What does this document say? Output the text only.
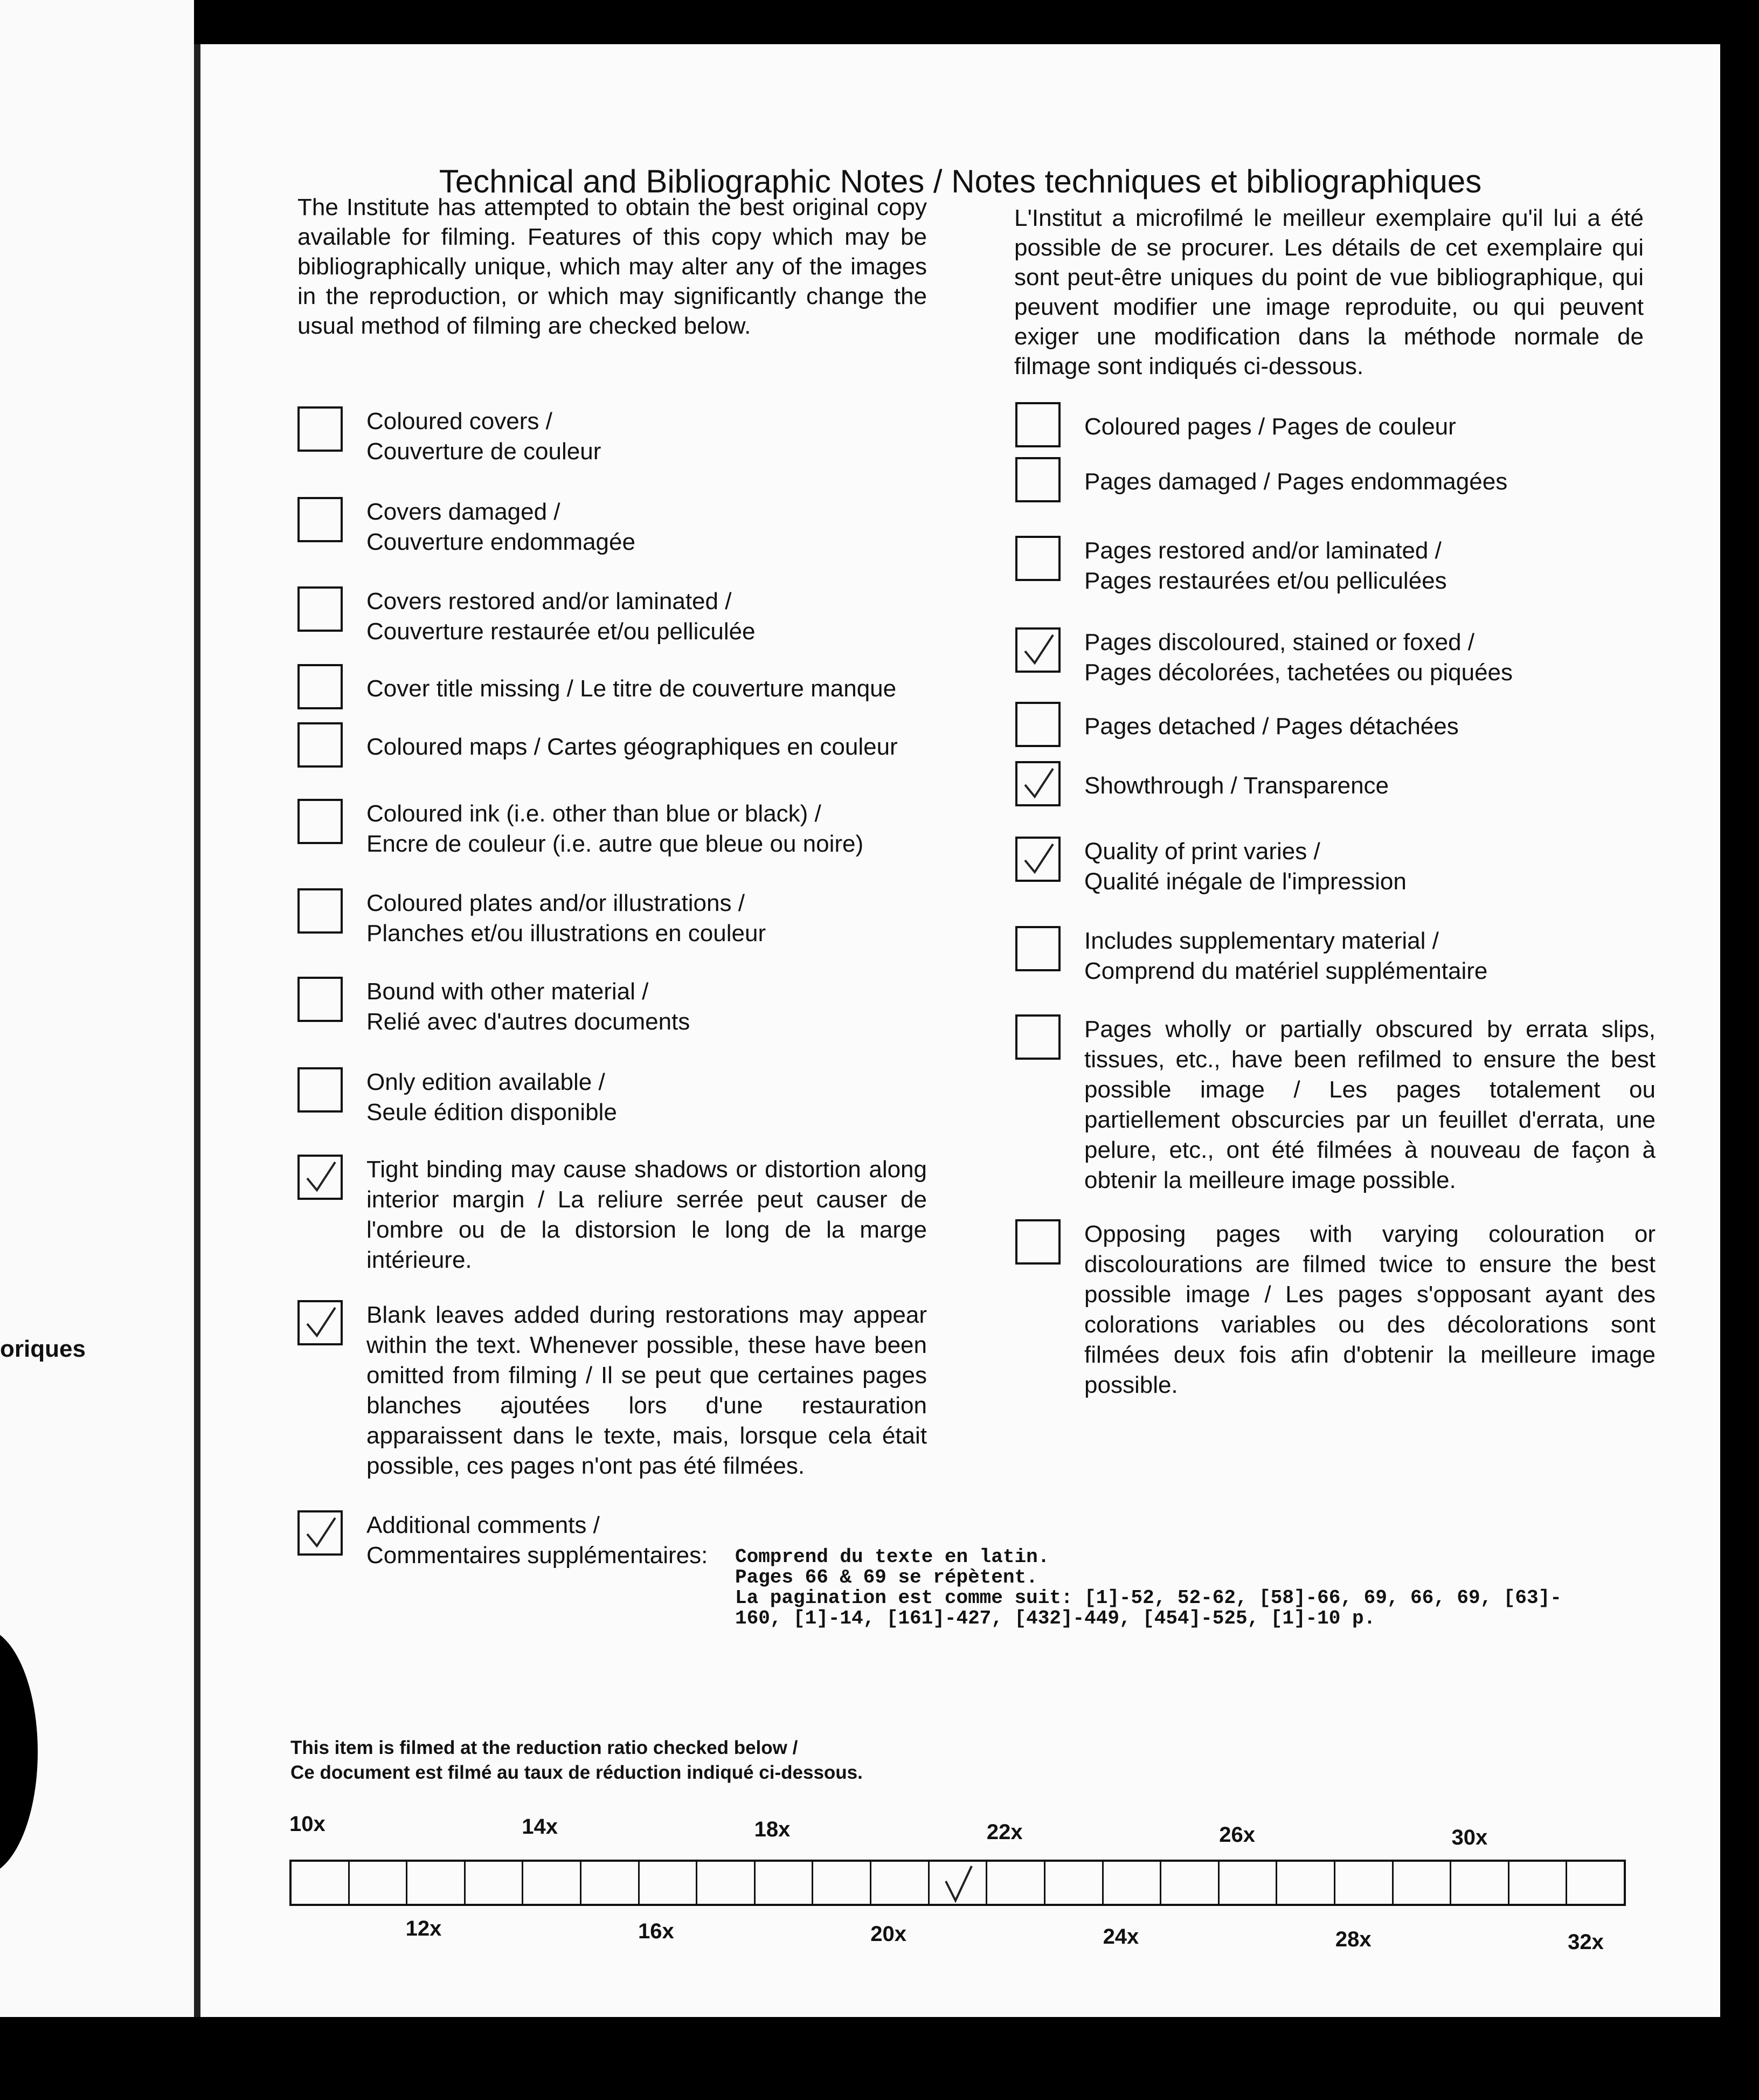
oriques
Technical and Bibliographic Notes / Notes techniques et bibliographiques
The Institute has attempted to obtain the best original copy available for filming. Features of this copy which may be bibliographically unique, which may alter any of the images in the reproduction, or which may significantly change the usual method of filming are checked below.
L'Institut a microfilmé le meilleur exemplaire qu'il lui a été possible de se procurer. Les détails de cet exemplaire qui sont peut-être uniques du point de vue bibliographique, qui peuvent modifier une image reproduite, ou qui peuvent exiger une modification dans la méthode normale de filmage sont indiqués ci-dessous.
Coloured covers /
Couverture de couleur
Covers damaged /
Couverture endommagée
Covers restored and/or laminated /
Couverture restaurée et/ou pelliculée
Cover title missing / Le titre de couverture manque
Coloured maps / Cartes géographiques en couleur
Coloured ink (i.e. other than blue or black) /
Encre de couleur (i.e. autre que bleue ou noire)
Coloured plates and/or illustrations /
Planches et/ou illustrations en couleur
Bound with other material /
Relié avec d'autres documents
Only edition available /
Seule édition disponible
Tight binding may cause shadows or distortion along interior margin / La reliure serrée peut causer de l'ombre ou de la distorsion le long de la marge intérieure.
Blank leaves added during restorations may appear within the text. Whenever possible, these have been omitted from filming / Il se peut que certaines pages blanches ajoutées lors d'une restauration apparaissent dans le texte, mais, lorsque cela était possible, ces pages n'ont pas été filmées.
Additional comments /
Commentaires supplémentaires:
Coloured pages / Pages de couleur
Pages damaged / Pages endommagées
Pages restored and/or laminated /
Pages restaurées et/ou pelliculées
Pages discoloured, stained or foxed /
Pages décolorées, tachetées ou piquées
Pages detached / Pages détachées
Showthrough / Transparence
Quality of print varies /
Qualité inégale de l'impression
Includes supplementary material /
Comprend du matériel supplémentaire
Pages wholly or partially obscured by errata slips, tissues, etc., have been refilmed to ensure the best possible image / Les pages totalement ou partiellement obscurcies par un feuillet d'errata, une pelure, etc., ont été filmées à nouveau de façon à obtenir la meilleure image possible.
Opposing pages with varying colouration or discolourations are filmed twice to ensure the best possible image / Les pages s'opposant ayant des colorations variables ou des décolorations sont filmées deux fois afin d'obtenir la meilleure image possible.
Comprend du texte en latin.
Pages 66 & 69 se répètent.
La pagination est comme suit: [1]-52, 52-62, [58]-66, 69, 66, 69, [63]-
160, [1]-14, [161]-427, [432]-449, [454]-525, [1]-10 p.
This item is filmed at the reduction ratio checked below /
Ce document est filmé au taux de réduction indiqué ci-dessous.
10x	14x	18x	22x	26x	30x
12x	16x	20x	24x	28x	32x
